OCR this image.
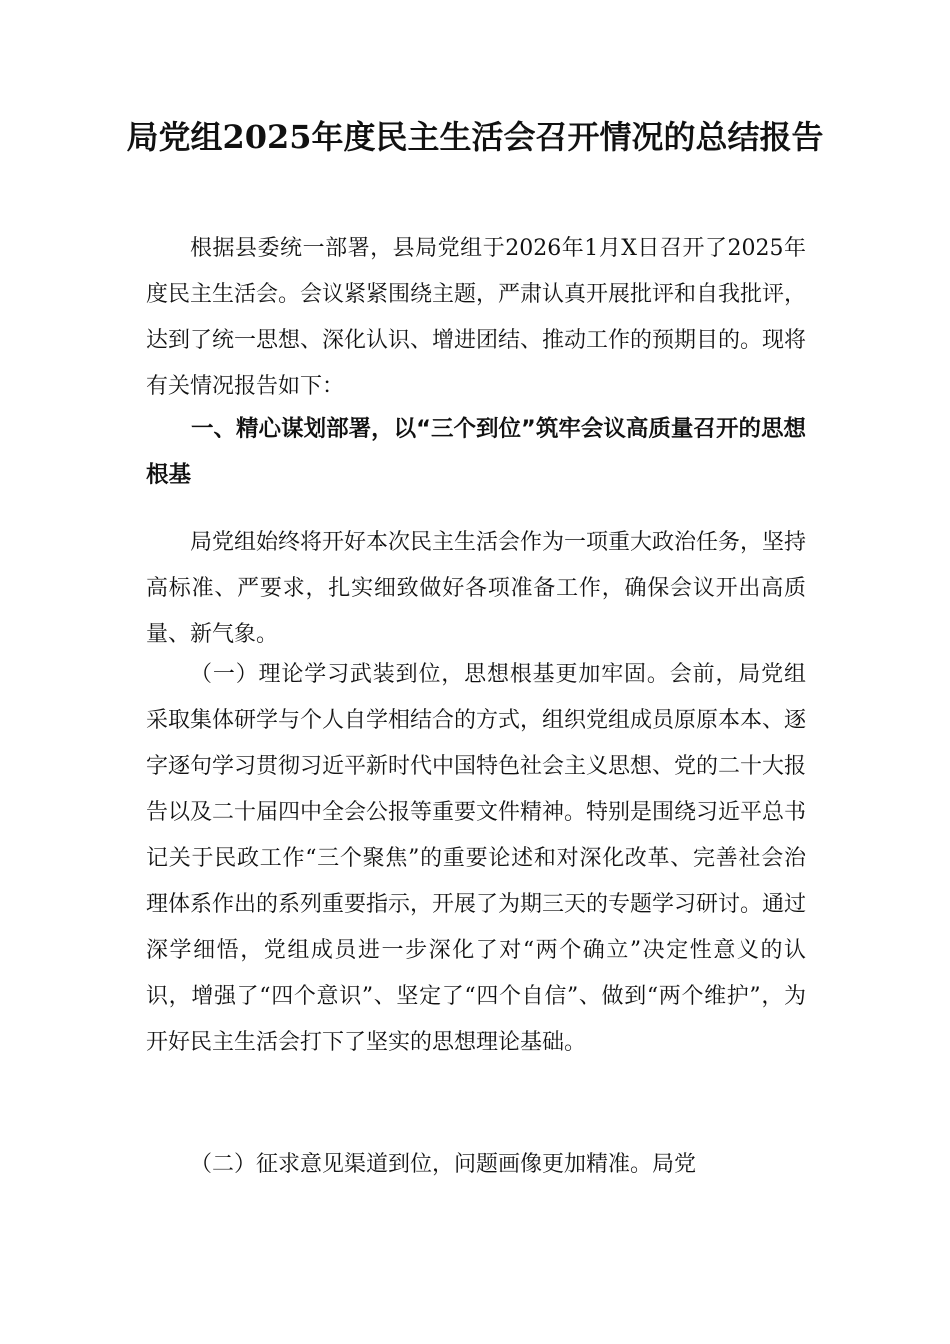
局党组2025年度民主生活会召开情况的总结报告

根据县委统一部署，县局党组于2026年1月X日召开了2025年度民主生活会。会议紧紧围绕主题，严肃认真开展批评和自我批评，达到了统一思想、深化认识、增进团结、推动工作的预期目的。现将有关情况报告如下：

一、精心谋划部署，以“三个到位”筑牢会议高质量召开的思想根基

局党组始终将开好本次民主生活会作为一项重大政治任务，坚持高标准、严要求，扎实细致做好各项准备工作，确保会议开出高质量、新气象。

（一）理论学习武装到位，思想根基更加牢固。会前，局党组采取集体研学与个人自学相结合的方式，组织党组成员原原本本、逐字逐句学习贯彻习近平新时代中国特色社会主义思想、党的二十大报告以及二十届四中全会公报等重要文件精神。特别是围绕习近平总书记关于民政工作“三个聚焦”的重要论述和对深化改革、完善社会治理体系作出的系列重要指示，开展了为期三天的专题学习研讨。通过深学细悟，党组成员进一步深化了对“两个确立”决定性意义的认识，增强了“四个意识”、坚定了“四个自信”、做到“两个维护”，为开好民主生活会打下了坚实的思想理论基础。

（二）征求意见渠道到位，问题画像更加精准。局党
